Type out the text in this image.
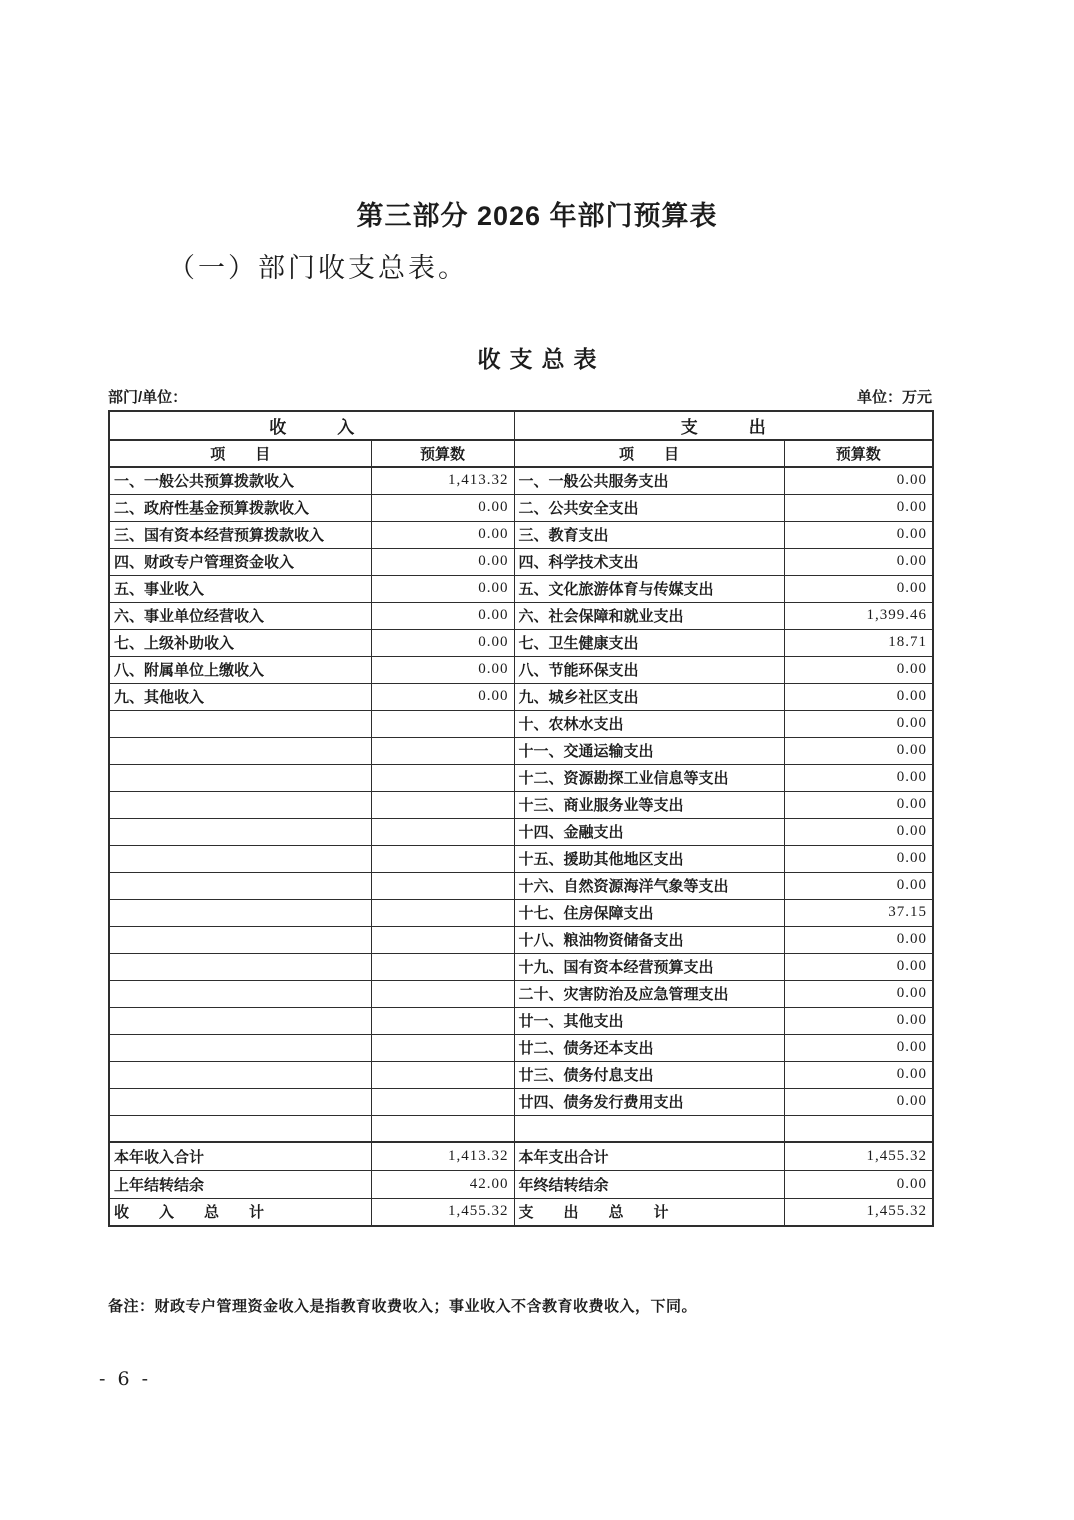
第三部分 2026 年部门预算表
（一）部门收支总表。
收支总表
部门/单位：	单位：万元
收　　　入		支　　　出	
项　　目	预算数	项　　目	预算数
一、一般公共预算拨款收入	1,413.32	一、一般公共服务支出	0.00
二、政府性基金预算拨款收入	0.00	二、公共安全支出	0.00
三、国有资本经营预算拨款收入	0.00	三、教育支出	0.00
四、财政专户管理资金收入	0.00	四、科学技术支出	0.00
五、事业收入	0.00	五、文化旅游体育与传媒支出	0.00
六、事业单位经营收入	0.00	六、社会保障和就业支出	1,399.46
七、上级补助收入	0.00	七、卫生健康支出	18.71
八、附属单位上缴收入	0.00	八、节能环保支出	0.00
九、其他收入	0.00	九、城乡社区支出	0.00
		十、农林水支出	0.00
		十一、交通运输支出	0.00
		十二、资源勘探工业信息等支出	0.00
		十三、商业服务业等支出	0.00
		十四、金融支出	0.00
		十五、援助其他地区支出	0.00
		十六、自然资源海洋气象等支出	0.00
		十七、住房保障支出	37.15
		十八、粮油物资储备支出	0.00
		十九、国有资本经营预算支出	0.00
		二十、灾害防治及应急管理支出	0.00
		廿一、其他支出	0.00
		廿二、债务还本支出	0.00
		廿三、债务付息支出	0.00
		廿四、债务发行费用支出	0.00

本年收入合计	1,413.32	本年支出合计	1,455.32
上年结转结余	42.00	年终结转结余	0.00
收　　入　　总　　计	1,455.32	支　　出　　总　　计	1,455.32
备注：财政专户管理资金收入是指教育收费收入；事业收入不含教育收费收入，下同。
- 6 -
